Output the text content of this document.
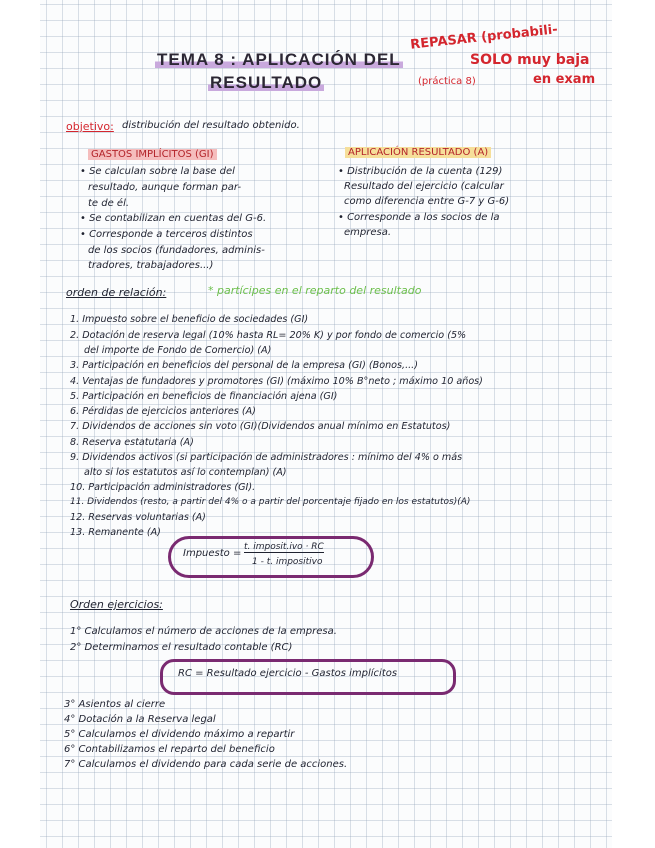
TEMA 8 : APLICACIÓN DEL
RESULTADO
REPASAR (probabili-
SOLO muy baja
en exam
(práctica 8)
objetivo: distribución del resultado obtenido.
GASTOS IMPLÍCITOS (GI)
• Se calculan sobre la base del
resultado, aunque forman par-
te de él.
• Se contabilizan en cuentas del G-6.
• Corresponde a terceros distintos
de los socios (fundadores, adminis-
tradores, trabajadores...)
APLICACIÓN RESULTADO (A)
• Distribución de la cuenta (129)
Resultado del ejercicio (calcular
como diferencia entre G-7 y G-6)
• Corresponde a los socios de la
empresa.
orden de relación:	* partícipes en el reparto del resultado
1. Impuesto sobre el beneficio de sociedades (GI)
2. Dotación de reserva legal (10% hasta RL= 20% K) y por fondo de comercio (5%
del importe de Fondo de Comercio) (A)
3. Participación en beneficios del personal de la empresa (GI) (Bonos,...)
4. Ventajas de fundadores y promotores (GI) (máximo 10% B°neto ; máximo 10 años)
5. Participación en beneficios de financiación ajena (GI)
6. Pérdidas de ejercicios anteriores (A)
7. Dividendos de acciones sin voto (GI)(Dividendos anual mínimo en Estatutos)
8. Reserva estatutaria (A)
9. Dividendos activos (si participación de administradores : mínimo del 4% o más
alto si los estatutos así lo contemplan) (A)
10. Participación administradores (GI).
11. Dividendos (resto, a partir del 4% o a partir del porcentaje fijado en los estatutos)(A)
12. Reservas voluntarias (A)
13. Remanente (A)
Impuesto =
t. imposit.ivo · RC
1 - t. impositivo
Orden ejercicios:
1° Calculamos el número de acciones de la empresa.
2° Determinamos el resultado contable (RC)
RC = Resultado ejercicio - Gastos implícitos
3° Asientos al cierre
4° Dotación a la Reserva legal
5° Calculamos el dividendo máximo a repartir
6° Contabilizamos el reparto del beneficio
7° Calculamos el dividendo para cada serie de acciones.
